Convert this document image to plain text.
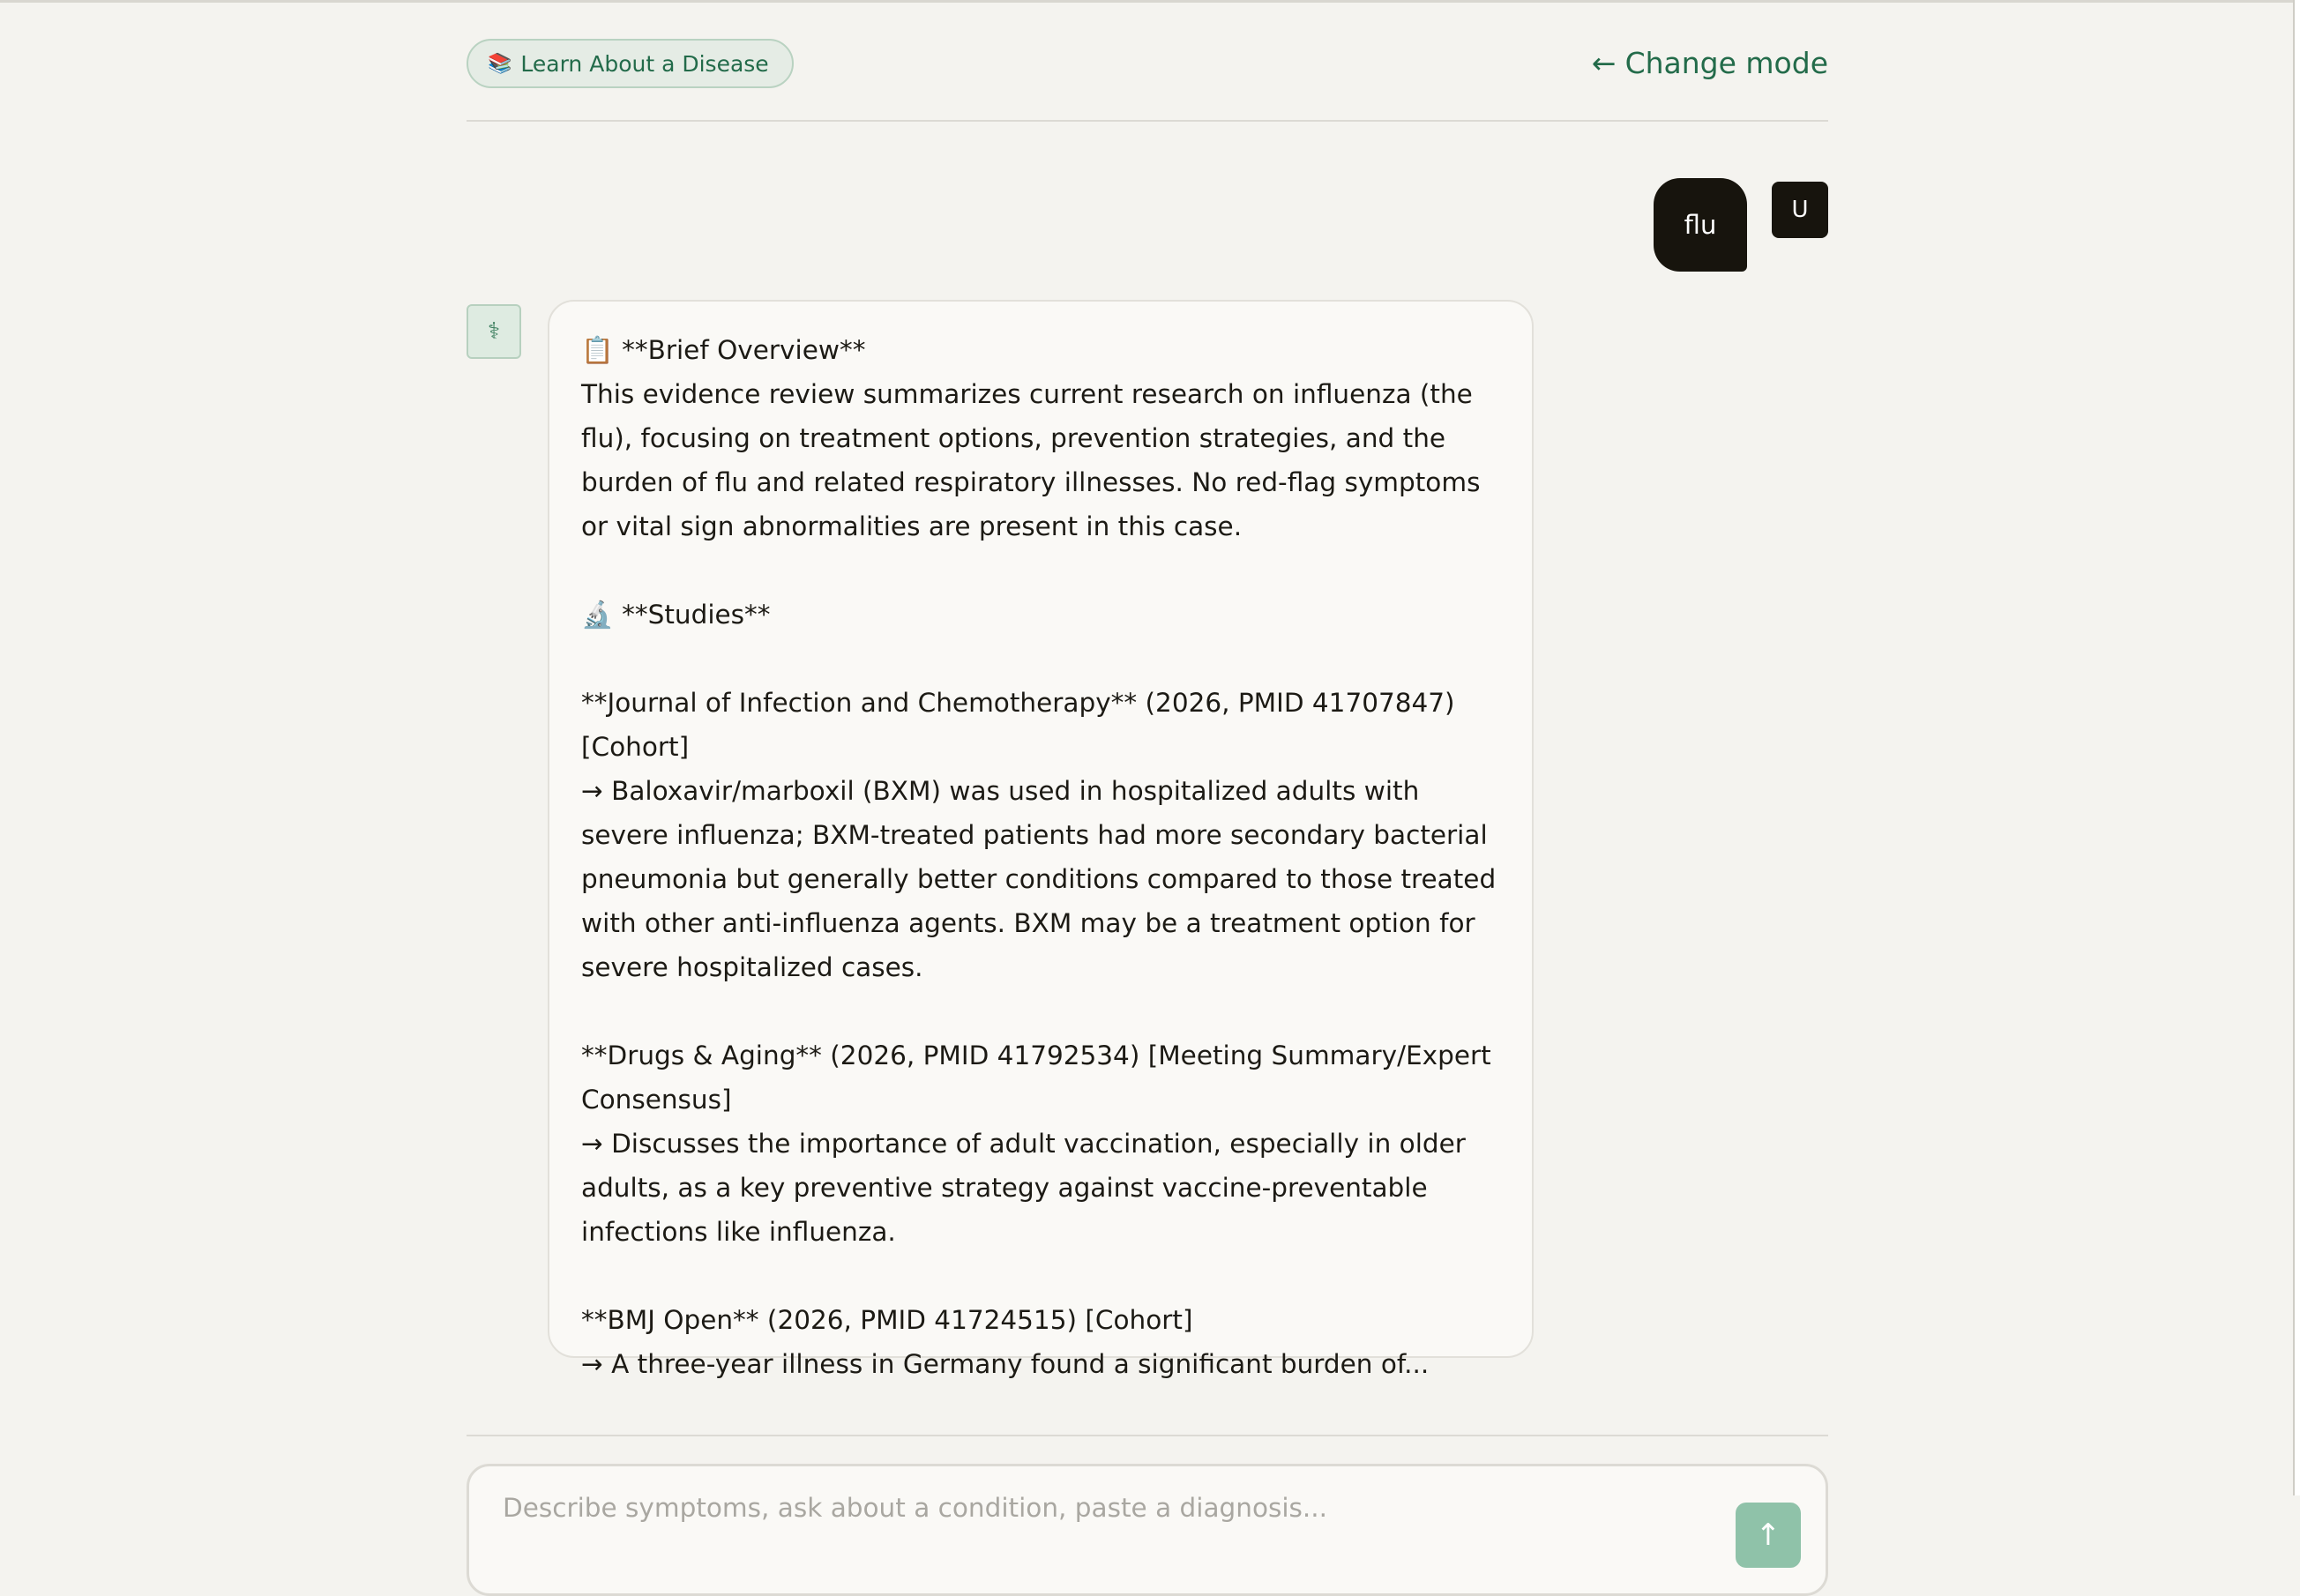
📚 Learn About a Disease	← Change mode
flu	U
⚕

📋 **Brief Overview**

This evidence review summarizes current research on influenza (the flu), focusing on treatment options, prevention strategies, and the burden of flu and related respiratory illnesses. No red-flag symptoms or vital sign abnormalities are present in this case.

🔬 **Studies**

**Journal of Infection and Chemotherapy** (2026, PMID 41707847) [Cohort]

→ Baloxavir/marboxil (BXM) was used in hospitalized adults with severe influenza; BXM-treated patients had more secondary bacterial pneumonia but generally better conditions compared to those treated with other anti-influenza agents. BXM may be a treatment option for severe hospitalized cases.

**Drugs & Aging** (2026, PMID 41792534) [Meeting Summary/Expert Consensus]

→ Discusses the importance of adult vaccination, especially in older adults, as a key preventive strategy against vaccine-preventable infections like influenza.

**BMJ Open** (2026, PMID 41724515) [Cohort]

→ A three-year illness in Germany found a significant burden of...

Describe symptoms, ask about a condition, paste a diagnosis...
↑
